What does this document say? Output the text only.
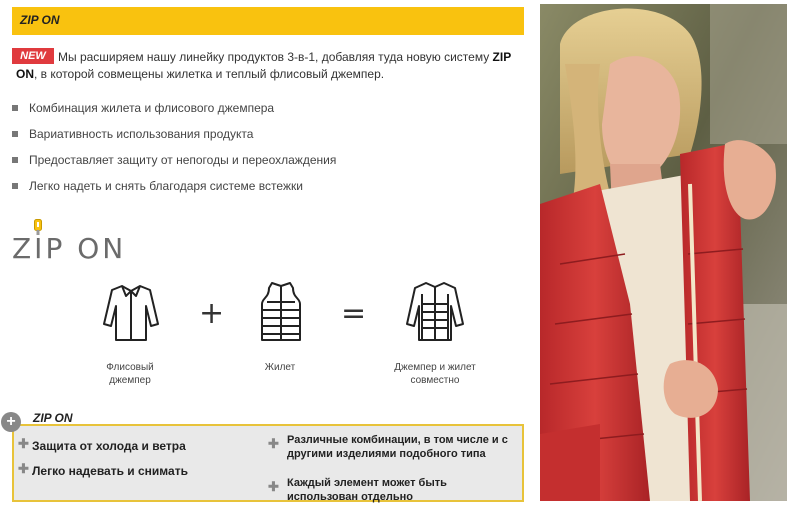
ZIP ON
NEW	Мы расширяем нашу линейку продуктов 3-в-1, добавляя туда новую систему ZIP ON, в которой совмещены жилетка и теплый флисовый джемпер.
Комбинация жилета и флисового джемпера
Вариативность использования продукта
Предоставляет защиту от непогоды и переохлаждения
Легко надеть и снять благодаря системе встежки
ZIP ON
+	=
Флисовый джемпер
Жилет	Джемпер и жилет совместно
+	ZIP ON
✚ Защита от холода и ветра
✚ Легко надевать и снимать
✚ Различные комбинации, в том числе и с другими изделиями подобного типа
✚ Каждый элемент может быть использован отдельно
